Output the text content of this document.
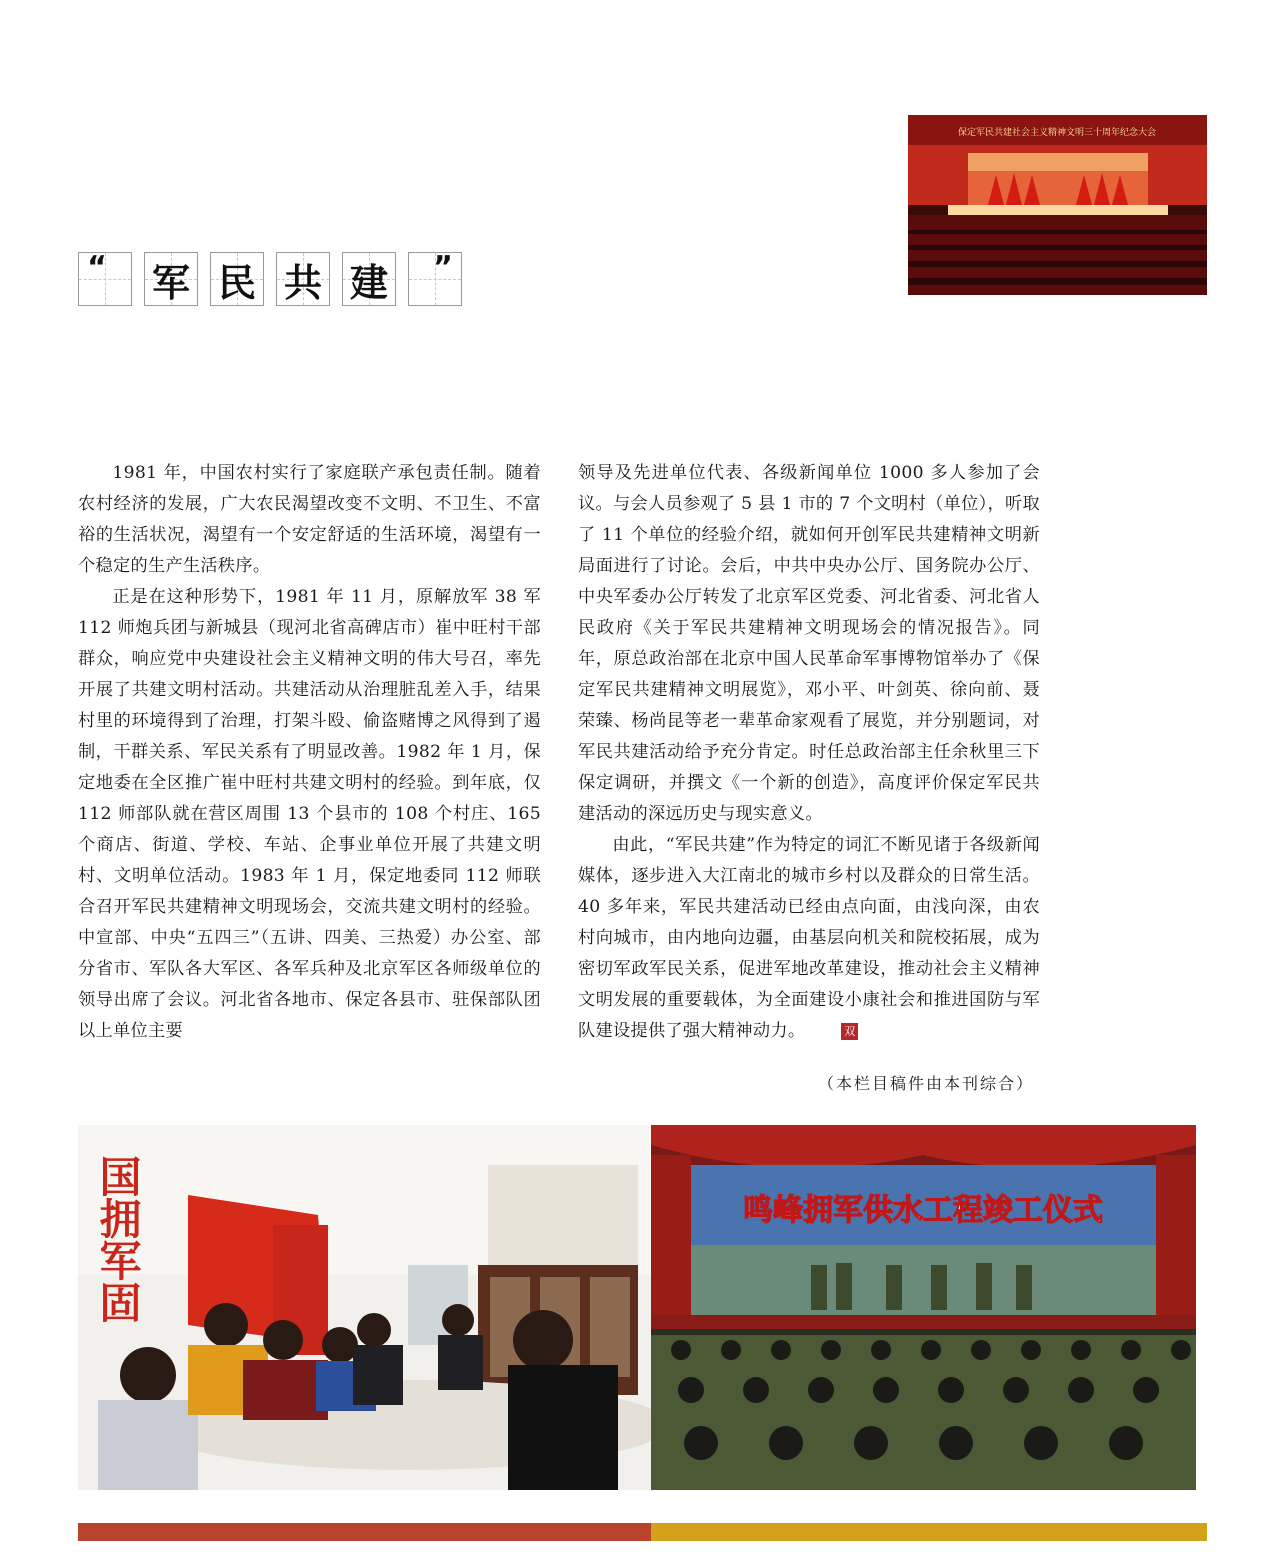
保定军民共建社会主义精神文明三十周年纪念大会
“ 军 民 共 建 ”

1981 年，中国农村实行了家庭联产承包责任制。随着农村经济的发展，广大农民渴望改变不文明、不卫生、不富裕的生活状况，渴望有一个安定舒适的生活环境，渴望有一个稳定的生产生活秩序。

正是在这种形势下，1981 年 11 月，原解放军 38 军 112 师炮兵团与新城县（现河北省高碑店市）崔中旺村干部群众，响应党中央建设社会主义精神文明的伟大号召，率先开展了共建文明村活动。共建活动从治理脏乱差入手，结果村里的环境得到了治理，打架斗殴、偷盗赌博之风得到了遏制，干群关系、军民关系有了明显改善。1982 年 1 月，保定地委在全区推广崔中旺村共建文明村的经验。到年底，仅 112 师部队就在营区周围 13 个县市的 108 个村庄、165 个商店、街道、学校、车站、企事业单位开展了共建文明村、文明单位活动。1983 年 1 月，保定地委同 112 师联合召开军民共建精神文明现场会，交流共建文明村的经验。中宣部、中央“五四三”（五讲、四美、三热爱）办公室、部分省市、军队各大军区、各军兵种及北京军区各师级单位的领导出席了会议。河北省各地市、保定各县市、驻保部队团以上单位主要

领导及先进单位代表、各级新闻单位 1000 多人参加了会议。与会人员参观了 5 县 1 市的 7 个文明村（单位），听取了 11 个单位的经验介绍，就如何开创军民共建精神文明新局面进行了讨论。会后，中共中央办公厅、国务院办公厅、中央军委办公厅转发了北京军区党委、河北省委、河北省人民政府《关于军民共建精神文明现场会的情况报告》。同年，原总政治部在北京中国人民革命军事博物馆举办了《保定军民共建精神文明展览》，邓小平、叶剑英、徐向前、聂荣臻、杨尚昆等老一辈革命家观看了展览，并分别题词，对军民共建活动给予充分肯定。时任总政治部主任余秋里三下保定调研，并撰文《一个新的创造》，高度评价保定军民共建活动的深远历史与现实意义。

由此，“军民共建”作为特定的词汇不断见诸于各级新闻媒体，逐步进入大江南北的城市乡村以及群众的日常生活。40 多年来，军民共建活动已经由点向面，由浅向深，由农村向城市，由内地向边疆，由基层向机关和院校拓展，成为密切军政军民关系，促进军地改革建设，推动社会主义精神文明发展的重要载体，为全面建设小康社会和推进国防与军队建设提供了强大精神动力。	双

（本栏目稿件由本刊综合）
国拥军固	鸣峰拥军供水工程竣工仪式
